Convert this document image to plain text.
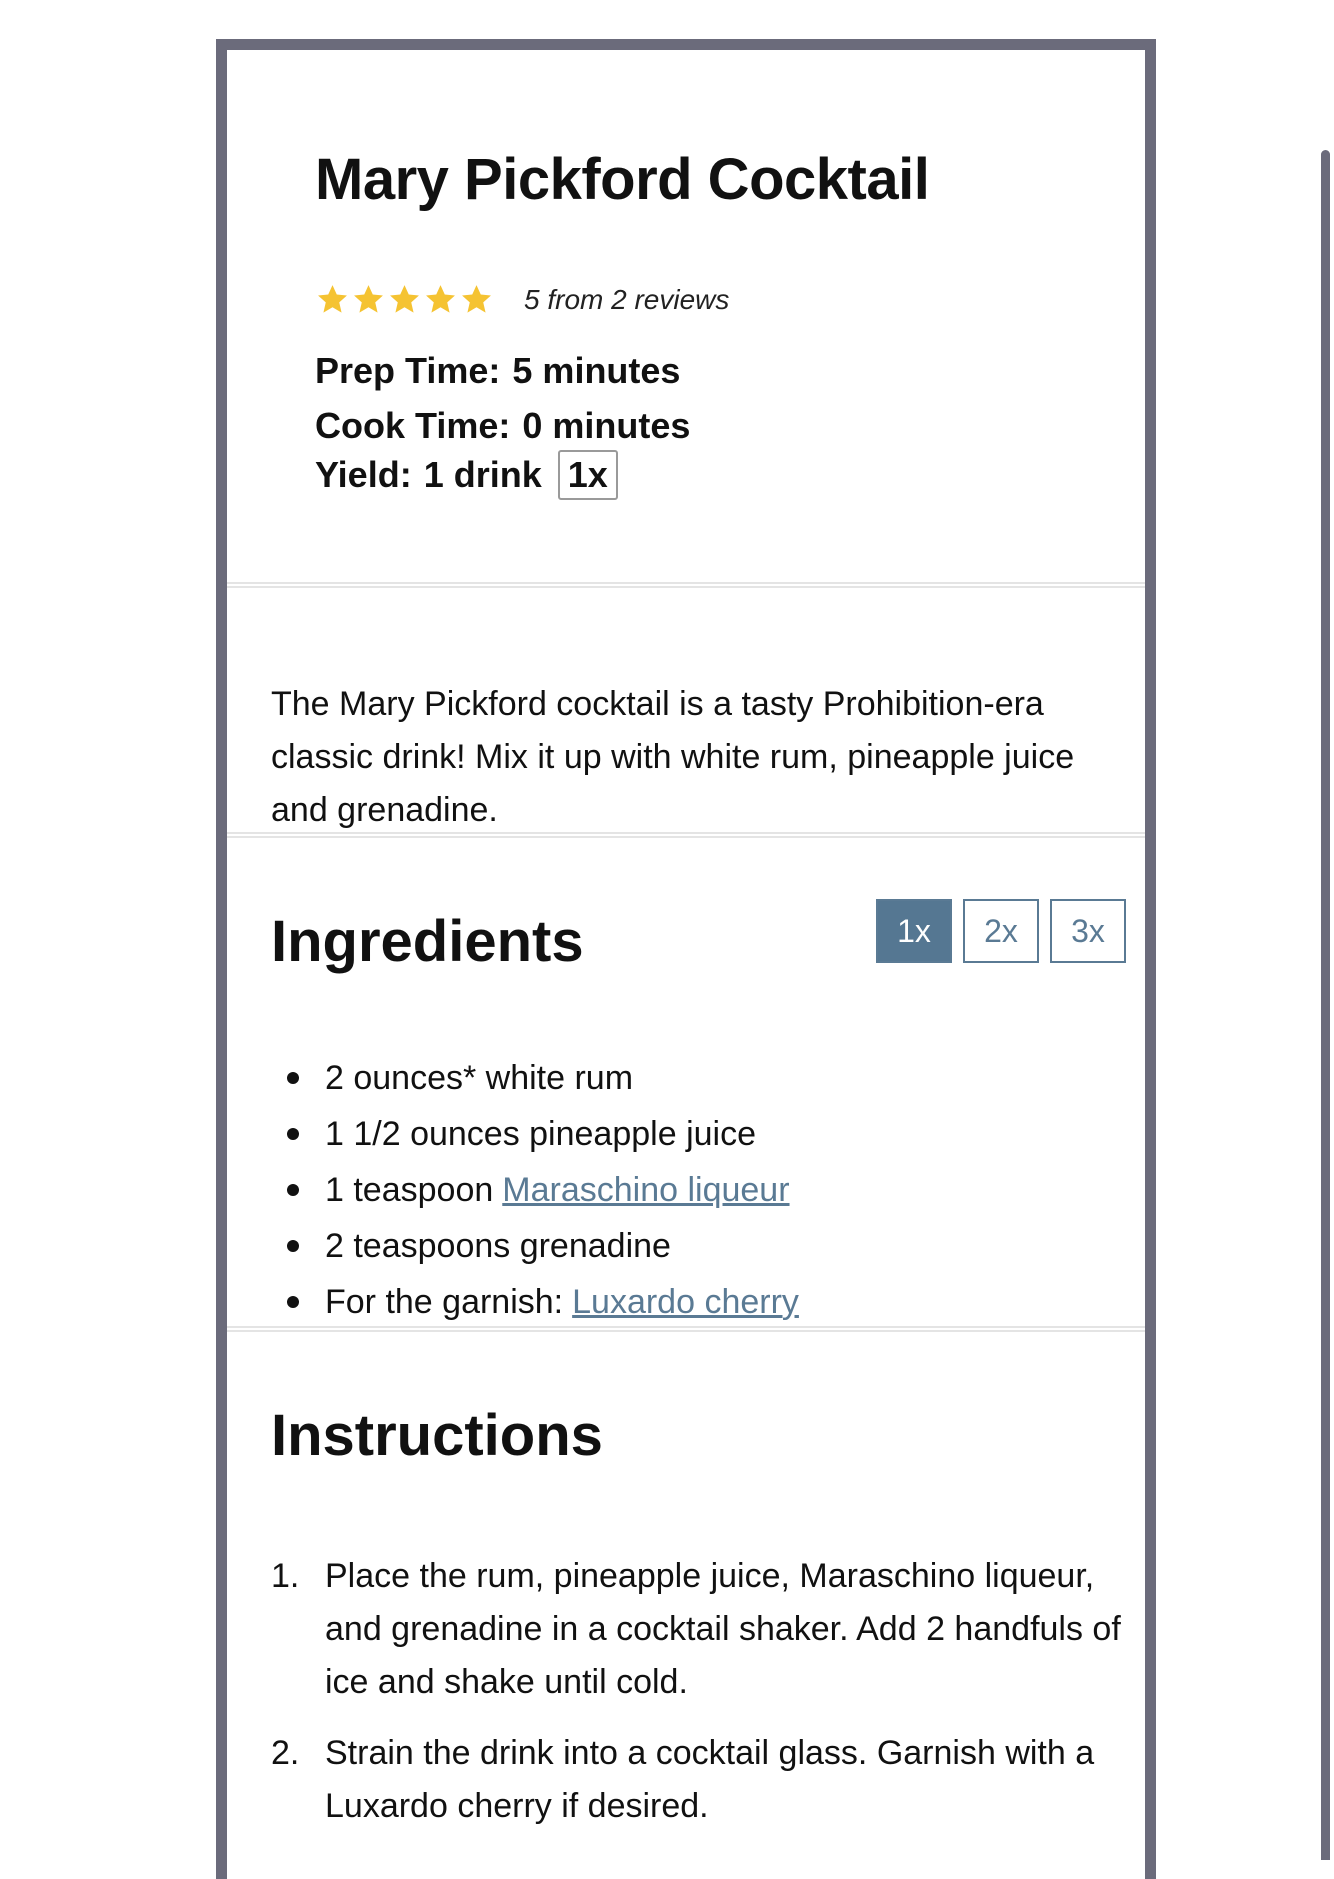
Mary Pickford Cocktail
5 from 2 reviews
Prep Time: 5 minutes
Cook Time: 0 minutes
Yield: 1 drink 1x

The Mary Pickford cocktail is a tasty Prohibition-era classic drink! Mix it up with white rum, pineapple juice and grenadine.

Ingredients	1x	2x	3x
2 ounces* white rum
1 1/2 ounces pineapple juice
1 teaspoon Maraschino liqueur
2 teaspoons grenadine
For the garnish: Luxardo cherry
Instructions
1. Place the rum, pineapple juice, Maraschino liqueur, and grenadine in a cocktail shaker. Add 2 handfuls of ice and shake until cold.
2. Strain the drink into a cocktail glass. Garnish with a Luxardo cherry if desired.
